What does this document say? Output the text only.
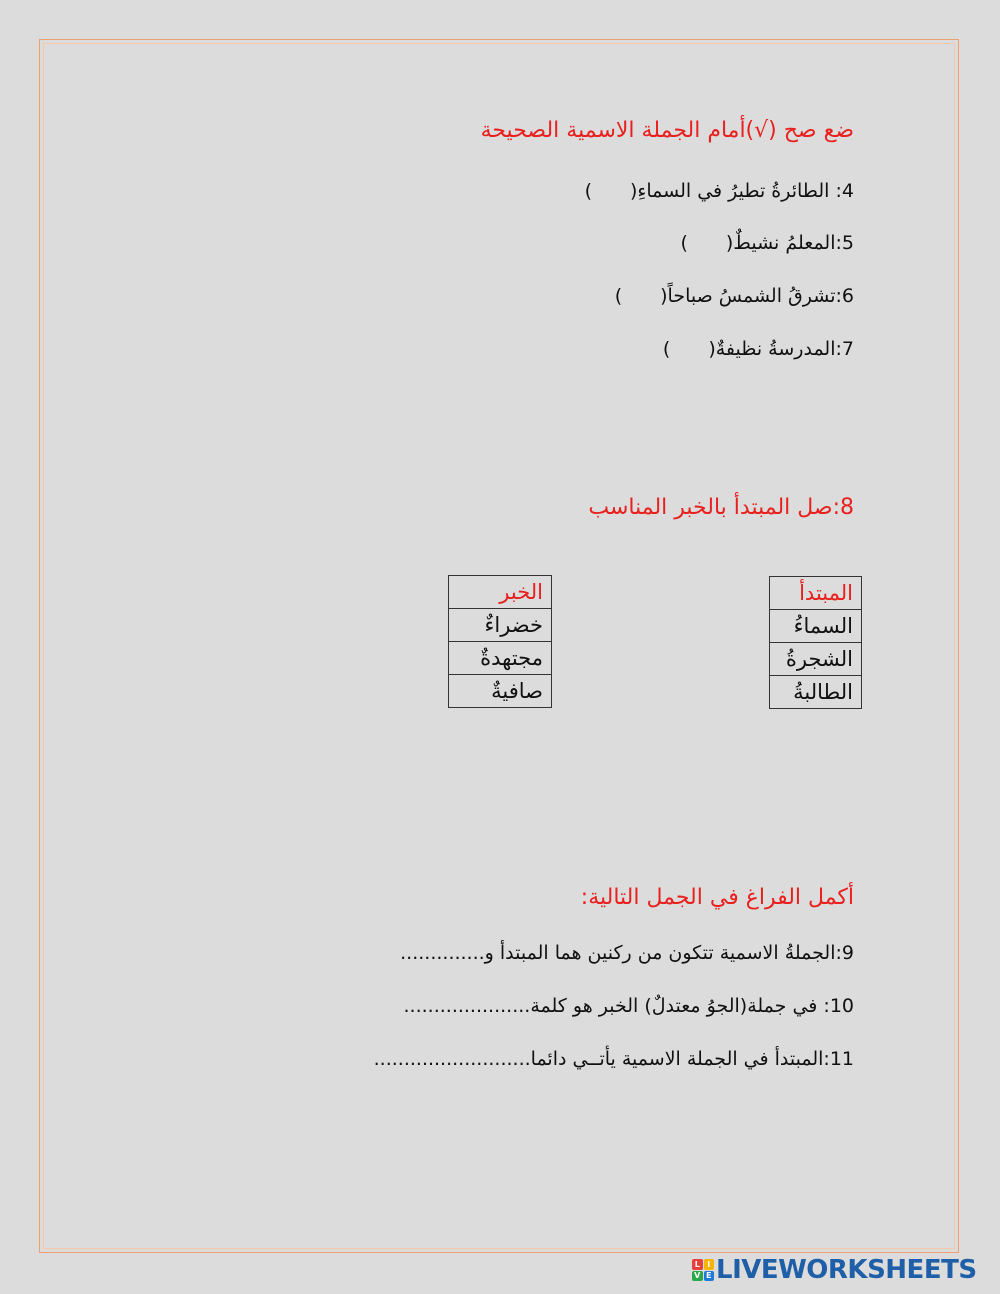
ضع صح (√)أمام الجملة الاسمية الصحيحة
4: الطائرةُ تطيرُ في السماءِ()
5:المعلمُ نشيطٌ()
6:تشرقُ الشمسُ صباحاً()
7:المدرسةُ نظيفةٌ()
8:صل المبتدأ بالخبر المناسب
المبتدأ
السماءُ
الشجرةُ
الطالبةُ
الخبر
خضراءٌ
مجتهدةٌ
صافيةٌ
أكمل الفراغ في الجمل التالية:
9:الجملةُ الاسمية تتكون من ركنين هما المبتدأ و..............
10: في جملة(الجوُ معتدلٌ) الخبر هو كلمة.....................
11:المبتدأ في الجملة الاسمية يأتــي دائما..........................
L I
V E LIVEWORKSHEETS
